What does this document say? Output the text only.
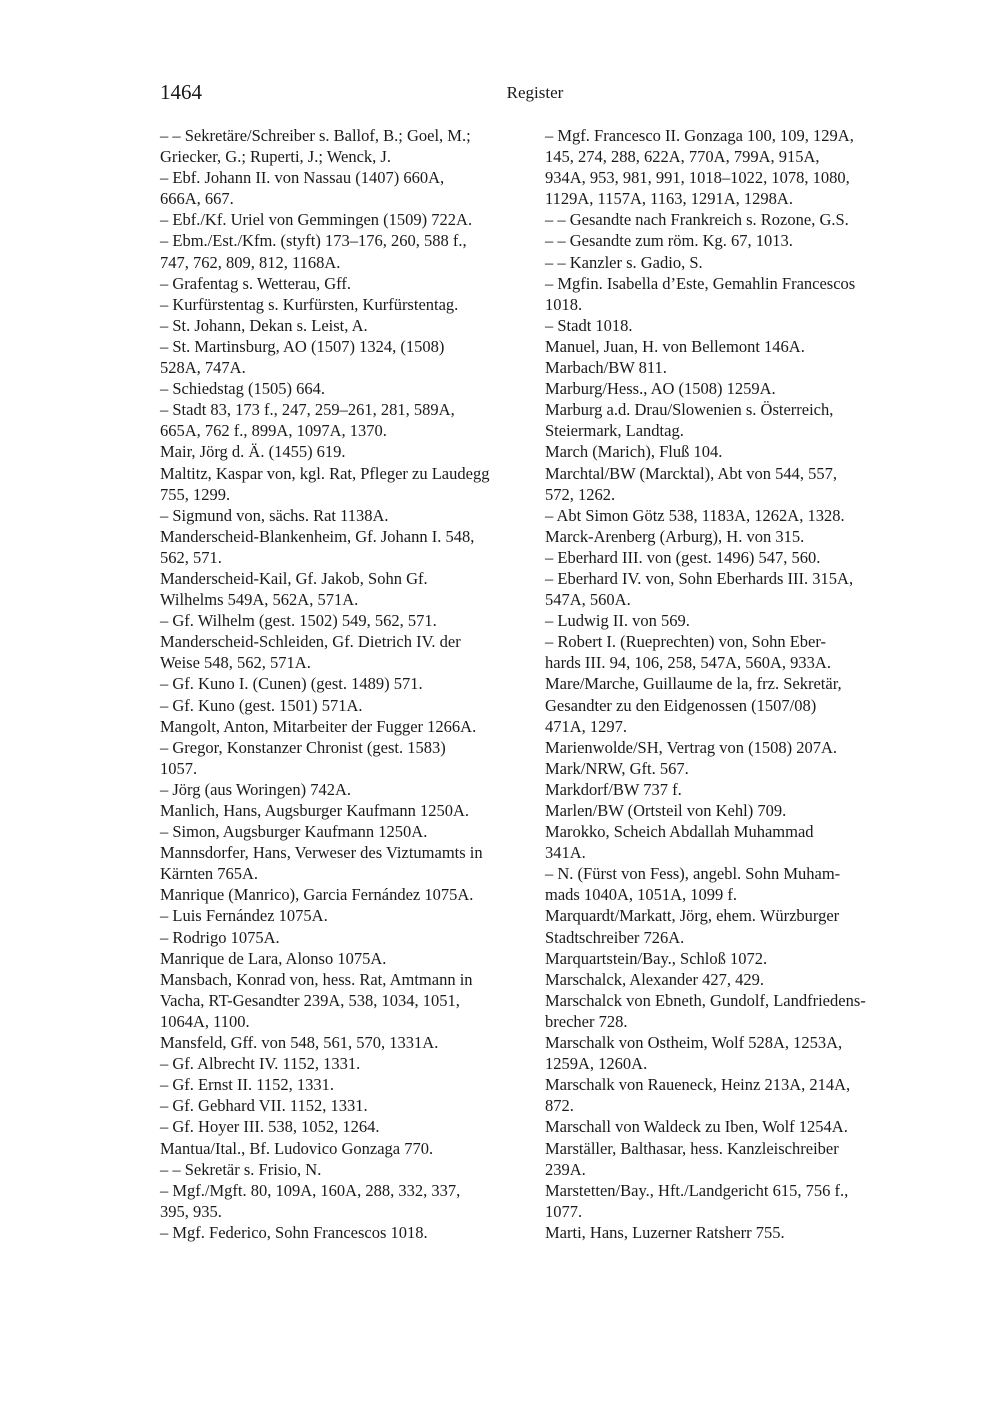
1464	Register

– – Sekretäre/Schreiber s. Ballof, B.; Goel, M.;
Griecker, G.; Ruperti, J.; Wenck, J.

– Ebf. Johann II. von Nassau (1407) 660A,
666A, 667.

– Ebf./Kf. Uriel von Gemmingen (1509) 722A.

– Ebm./Est./Kfm. (styft) 173–176, 260, 588 f.,
747, 762, 809, 812, 1168A.

– Grafentag s. Wetterau, Gff.

– Kurfürstentag s. Kurfürsten, Kurfürstentag.

– St. Johann, Dekan s. Leist, A.

– St. Martinsburg, AO (1507) 1324, (1508)
528A, 747A.

– Schiedstag (1505) 664.

– Stadt 83, 173 f., 247, 259–261, 281, 589A,
665A, 762 f., 899A, 1097A, 1370.

Mair, Jörg d. Ä. (1455) 619.

Maltitz, Kaspar von, kgl. Rat, Pfleger zu Laudegg
755, 1299.

– Sigmund von, sächs. Rat 1138A.

Manderscheid-Blankenheim, Gf. Johann I. 548,
562, 571.

Manderscheid-Kail, Gf. Jakob, Sohn Gf.
Wilhelms 549A, 562A, 571A.

– Gf. Wilhelm (gest. 1502) 549, 562, 571.

Manderscheid-Schleiden, Gf. Dietrich IV. der
Weise 548, 562, 571A.

– Gf. Kuno I. (Cunen) (gest. 1489) 571.

– Gf. Kuno (gest. 1501) 571A.

Mangolt, Anton, Mitarbeiter der Fugger 1266A.

– Gregor, Konstanzer Chronist (gest. 1583)
1057.

– Jörg (aus Woringen) 742A.

Manlich, Hans, Augsburger Kaufmann 1250A.

– Simon, Augsburger Kaufmann 1250A.

Mannsdorfer, Hans, Verweser des Viztumamts in
Kärnten 765A.

Manrique (Manrico), Garcia Fernández 1075A.

– Luis Fernández 1075A.

– Rodrigo 1075A.

Manrique de Lara, Alonso 1075A.

Mansbach, Konrad von, hess. Rat, Amtmann in
Vacha, RT-Gesandter 239A, 538, 1034, 1051,
1064A, 1100.

Mansfeld, Gff. von 548, 561, 570, 1331A.

– Gf. Albrecht IV. 1152, 1331.

– Gf. Ernst II. 1152, 1331.

– Gf. Gebhard VII. 1152, 1331.

– Gf. Hoyer III. 538, 1052, 1264.

Mantua/Ital., Bf. Ludovico Gonzaga 770.

– – Sekretär s. Frisio, N.

– Mgf./Mgft. 80, 109A, 160A, 288, 332, 337,
395, 935.

– Mgf. Federico, Sohn Francescos 1018.

– Mgf. Francesco II. Gonzaga 100, 109, 129A,
145, 274, 288, 622A, 770A, 799A, 915A,
934A, 953, 981, 991, 1018–1022, 1078, 1080,
1129A, 1157A, 1163, 1291A, 1298A.

– – Gesandte nach Frankreich s. Rozone, G.S.

– – Gesandte zum röm. Kg. 67, 1013.

– – Kanzler s. Gadio, S.

– Mgfin. Isabella d’Este, Gemahlin Francescos
1018.

– Stadt 1018.

Manuel, Juan, H. von Bellemont 146A.

Marbach/BW 811.

Marburg/Hess., AO (1508) 1259A.

Marburg a.d. Drau/Slowenien s. Österreich,
Steiermark, Landtag.

March (Marich), Fluß 104.

Marchtal/BW (Marcktal), Abt von 544, 557,
572, 1262.

– Abt Simon Götz 538, 1183A, 1262A, 1328.

Marck-Arenberg (Arburg), H. von 315.

– Eberhard III. von (gest. 1496) 547, 560.

– Eberhard IV. von, Sohn Eberhards III. 315A,
547A, 560A.

– Ludwig II. von 569.

– Robert I. (Rueprechten) von, Sohn Eber-
hards III. 94, 106, 258, 547A, 560A, 933A.

Mare/Marche, Guillaume de la, frz. Sekretär,
Gesandter zu den Eidgenossen (1507/08)
471A, 1297.

Marienwolde/SH, Vertrag von (1508) 207A.

Mark/NRW, Gft. 567.

Markdorf/BW 737 f.

Marlen/BW (Ortsteil von Kehl) 709.

Marokko, Scheich Abdallah Muhammad
341A.

– N. (Fürst von Fess), angebl. Sohn Muham-
mads 1040A, 1051A, 1099 f.

Marquardt/Markatt, Jörg, ehem. Würzburger
Stadtschreiber 726A.

Marquartstein/Bay., Schloß 1072.

Marschalck, Alexander 427, 429.

Marschalck von Ebneth, Gundolf, Landfriedens-
brecher 728.

Marschalk von Ostheim, Wolf 528A, 1253A,
1259A, 1260A.

Marschalk von Raueneck, Heinz 213A, 214A,
872.

Marschall von Waldeck zu Iben, Wolf 1254A.

Marställer, Balthasar, hess. Kanzleischreiber
239A.

Marstetten/Bay., Hft./Landgericht 615, 756 f.,
1077.

Marti, Hans, Luzerner Ratsherr 755.
